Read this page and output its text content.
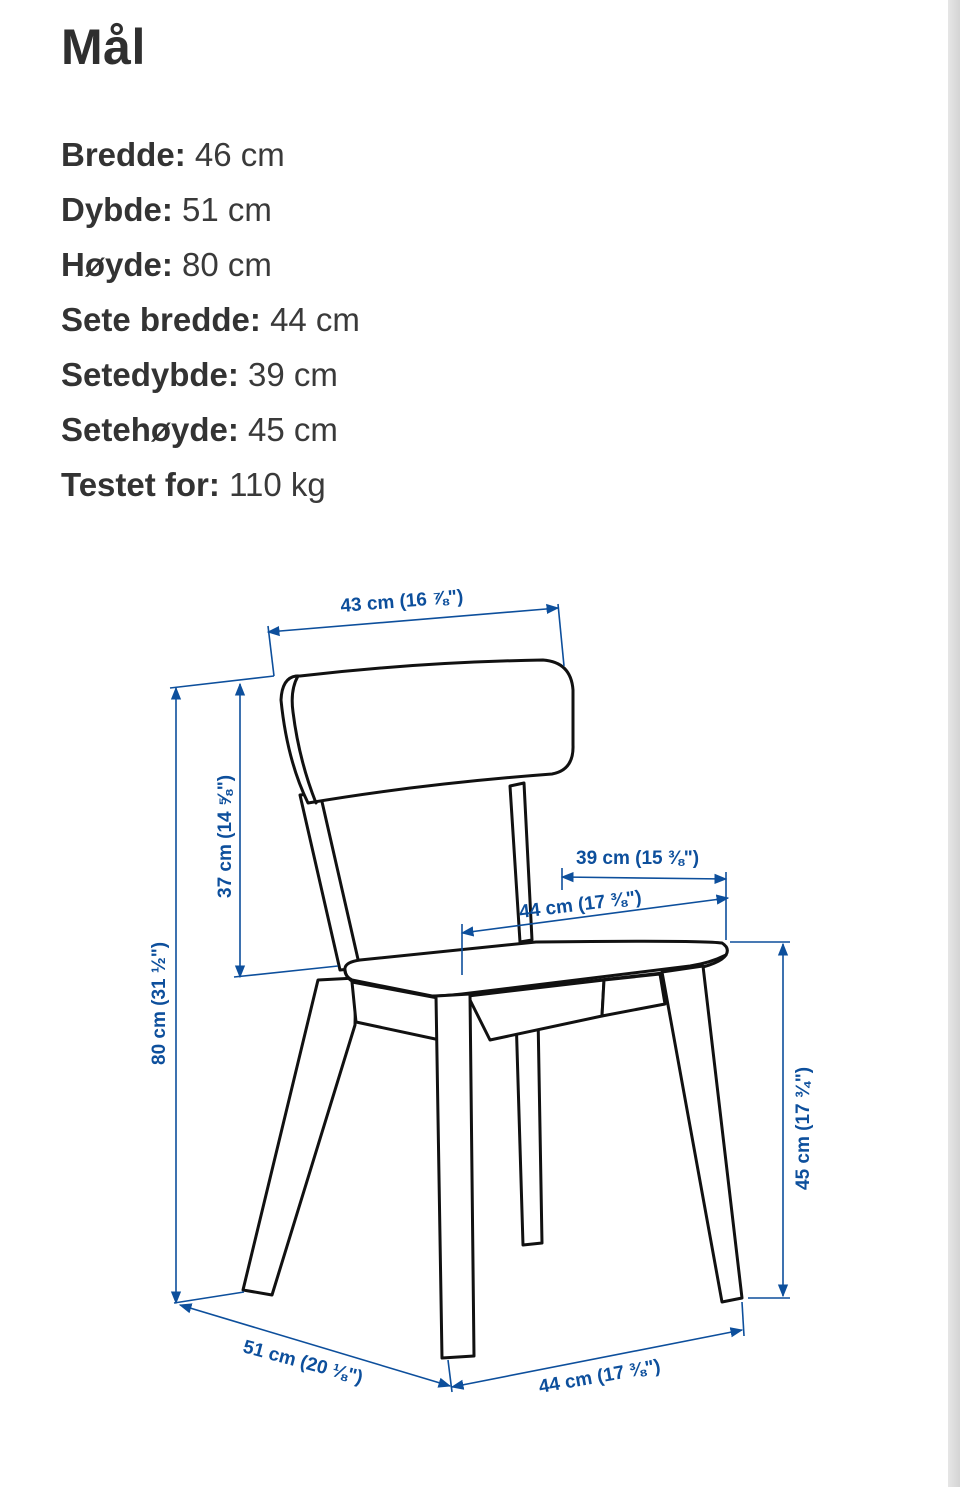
Mål
Bredde: 46 cm
Dybde: 51 cm
Høyde: 80 cm
Sete bredde: 44 cm
Setedybde: 39 cm
Setehøyde: 45 cm
Testet for: 110 kg
43 cm (16 ⅞")
80 cm (31 ½")
37 cm (14 ⅝")	39 cm (15 ⅜")
44 cm (17 ⅜")
45 cm (17 ¾")
51 cm (20 ⅛")	44 cm (17 ⅜")
